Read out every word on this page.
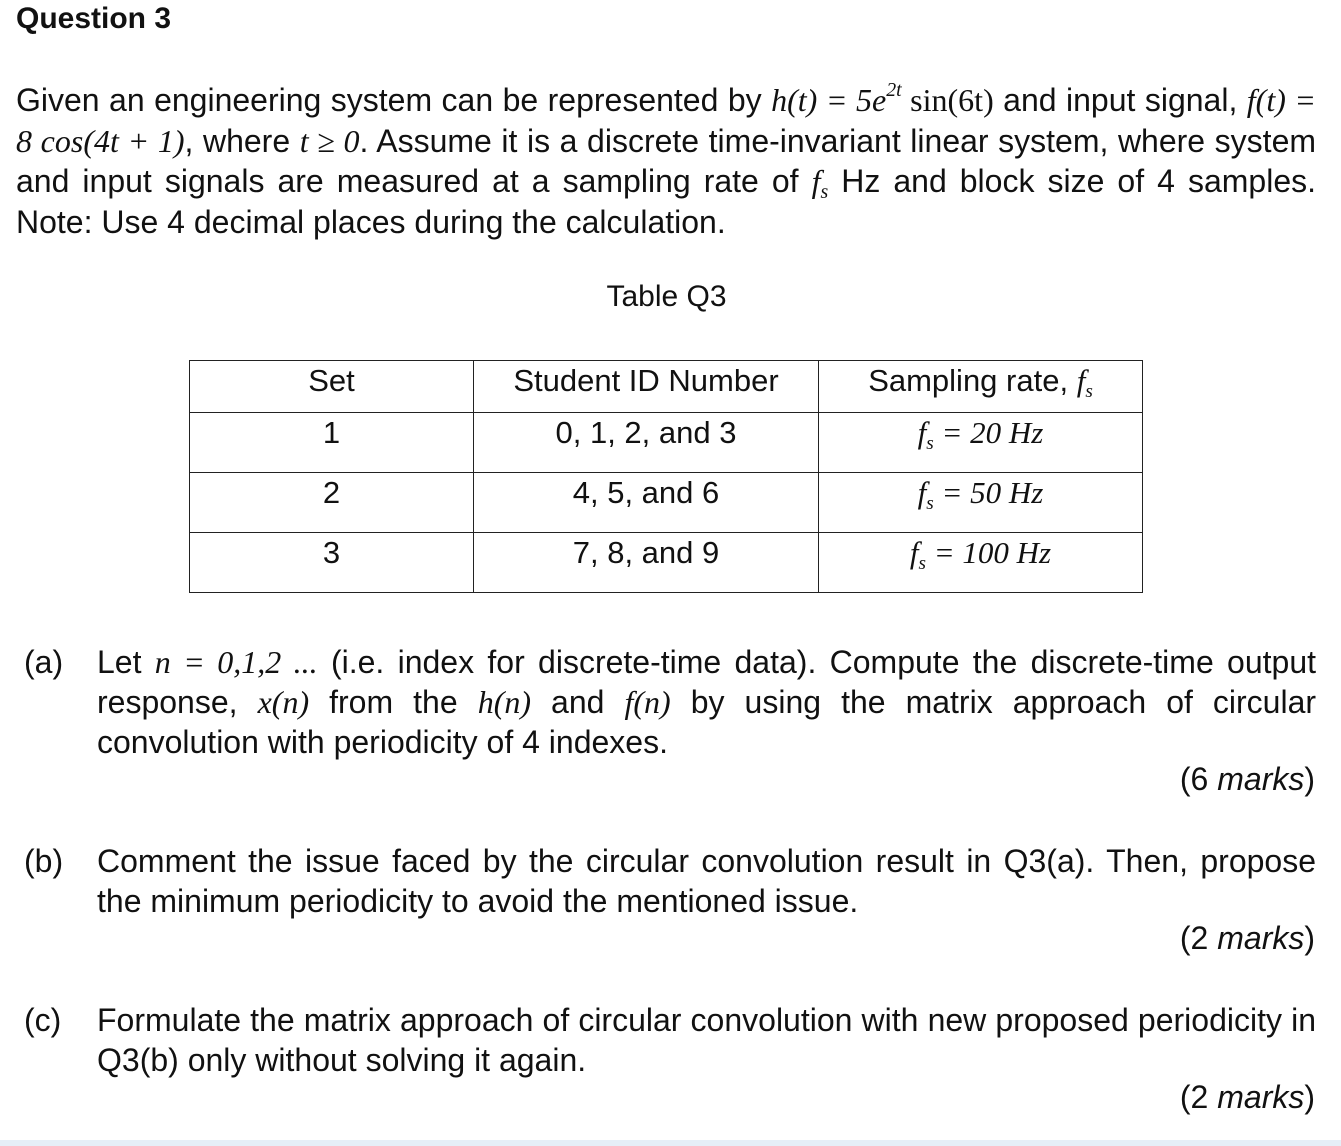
Question 3
Given an engineering system can be represented by $h(t) = 5e^{2t}$ sin(6t) and input signal, f(t) = 8 cos(4t + 1), where t ≥ 0. Assume it is a discrete time-invariant linear system, where system and input signals are measured at a sampling rate of $f_s$ Hz and block size of 4 samples. Note: Use 4 decimal places during the calculation.
Table Q3
Set	Student ID Number	Sampling rate, $f_s$
1	0, 1, 2, and 3	$f_s = 20$ Hz
2	4, 5, and 6	$f_s = 50$ Hz
3	7, 8, and 9	$f_s = 100$ Hz
(a) Let n = 0,1,2 ... (i.e. index for discrete-time data). Compute the discrete-time output response, x(n) from the h(n) and f(n) by using the matrix approach of circular convolution with periodicity of 4 indexes.
(6 marks)
(b) Comment the issue faced by the circular convolution result in Q3(a). Then, propose the minimum periodicity to avoid the mentioned issue.
(2 marks)
(c) Formulate the matrix approach of circular convolution with new proposed periodicity in Q3(b) only without solving it again.
(2 marks)
